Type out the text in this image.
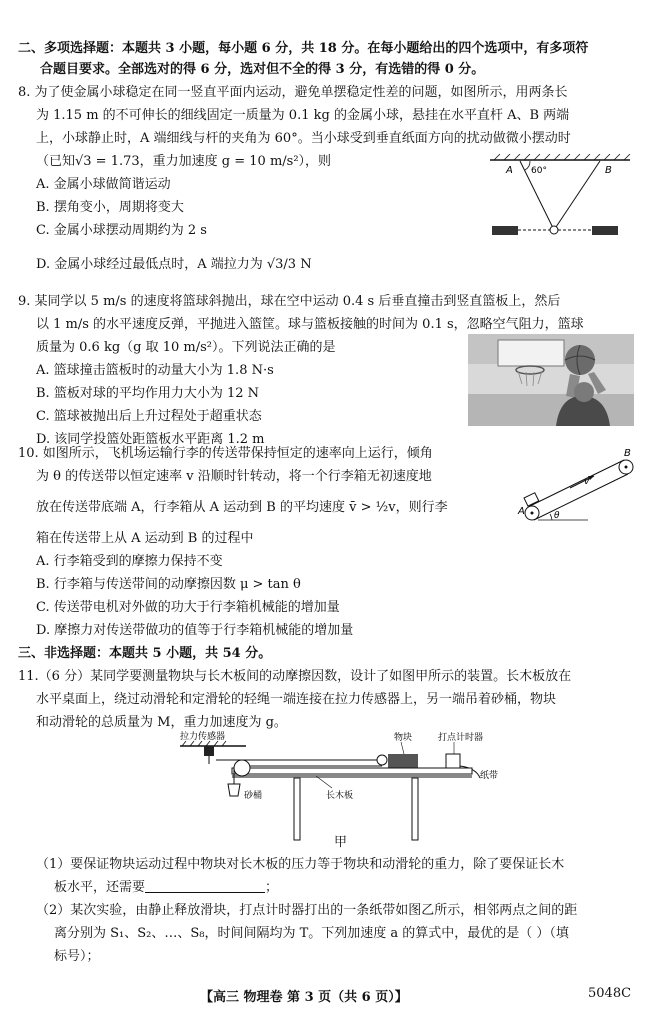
二、多项选择题：本题共 3 小题，每小题 6 分，共 18 分。在每小题给出的四个选项中，有多项符
合题目要求。全部选对的得 6 分，选对但不全的得 3 分，有选错的得 0 分。
8. 为了使金属小球稳定在同一竖直平面内运动，避免单摆稳定性差的问题，如图所示，用两条长
为 1.15 m 的不可伸长的细线固定一质量为 0.1 kg 的金属小球，悬挂在水平直杆 A、B 两端
上，小球静止时，A 端细线与杆的夹角为 60°。当小球受到垂直纸面方向的扰动做微小摆动时
（已知√3 = 1.73，重力加速度 g = 10 m/s²），则
A. 金属小球做简谐运动
B. 摆角变小，周期将变大
C. 金属小球摆动周期约为 2 s
D. 金属小球经过最低点时，A 端拉力为 √3/3 N
A 60°	B
9. 某同学以 5 m/s 的速度将篮球斜抛出，球在空中运动 0.4 s 后垂直撞击到竖直篮板上，然后
以 1 m/s 的水平速度反弹，平抛进入篮筐。球与篮板接触的时间为 0.1 s，忽略空气阻力，篮球
质量为 0.6 kg（g 取 10 m/s²）。下列说法正确的是
A. 篮球撞击篮板时的动量大小为 1.8 N·s
B. 篮板对球的平均作用力大小为 12 N
C. 篮球被抛出后上升过程处于超重状态
D. 该同学投篮处距篮板水平距离 1.2 m
10. 如图所示，飞机场运输行李的传送带保持恒定的速率向上运行，倾角
为 θ 的传送带以恒定速率 v 沿顺时针转动，将一个行李箱无初速度地
放在传送带底端 A，行李箱从 A 运动到 B 的平均速度 v̄ > ½v，则行李
箱在传送带上从 A 运动到 B 的过程中
A. 行李箱受到的摩擦力保持不变
B. 行李箱与传送带间的动摩擦因数 μ > tan θ
C. 传送带电机对外做的功大于行李箱机械能的增加量
D. 摩擦力对传送带做功的值等于行李箱机械能的增加量
A
B
v
θ
三、非选择题：本题共 5 小题，共 54 分。
11.（6 分）某同学要测量物块与长木板间的动摩擦因数，设计了如图甲所示的装置。长木板放在
水平桌面上，绕过动滑轮和定滑轮的轻绳一端连接在拉力传感器上，另一端吊着砂桶，物块
和动滑轮的总质量为 M，重力加速度为 g。
拉力传感器	物块	打点计时器
纸带
砂桶	长木板
甲
（1）要保证物块运动过程中物块对长木板的压力等于物块和动滑轮的重力，除了要保证长木
板水平，还需要	；
（2）某次实验，由静止释放滑块，打点计时器打出的一条纸带如图乙所示，相邻两点之间的距
离分别为 S₁、S₂、…、S₈，时间间隔均为 T。下列加速度 a 的算式中，最优的是（ ）（填
标号）；
【高三 物理卷 第 3 页（共 6 页）】	5048C
